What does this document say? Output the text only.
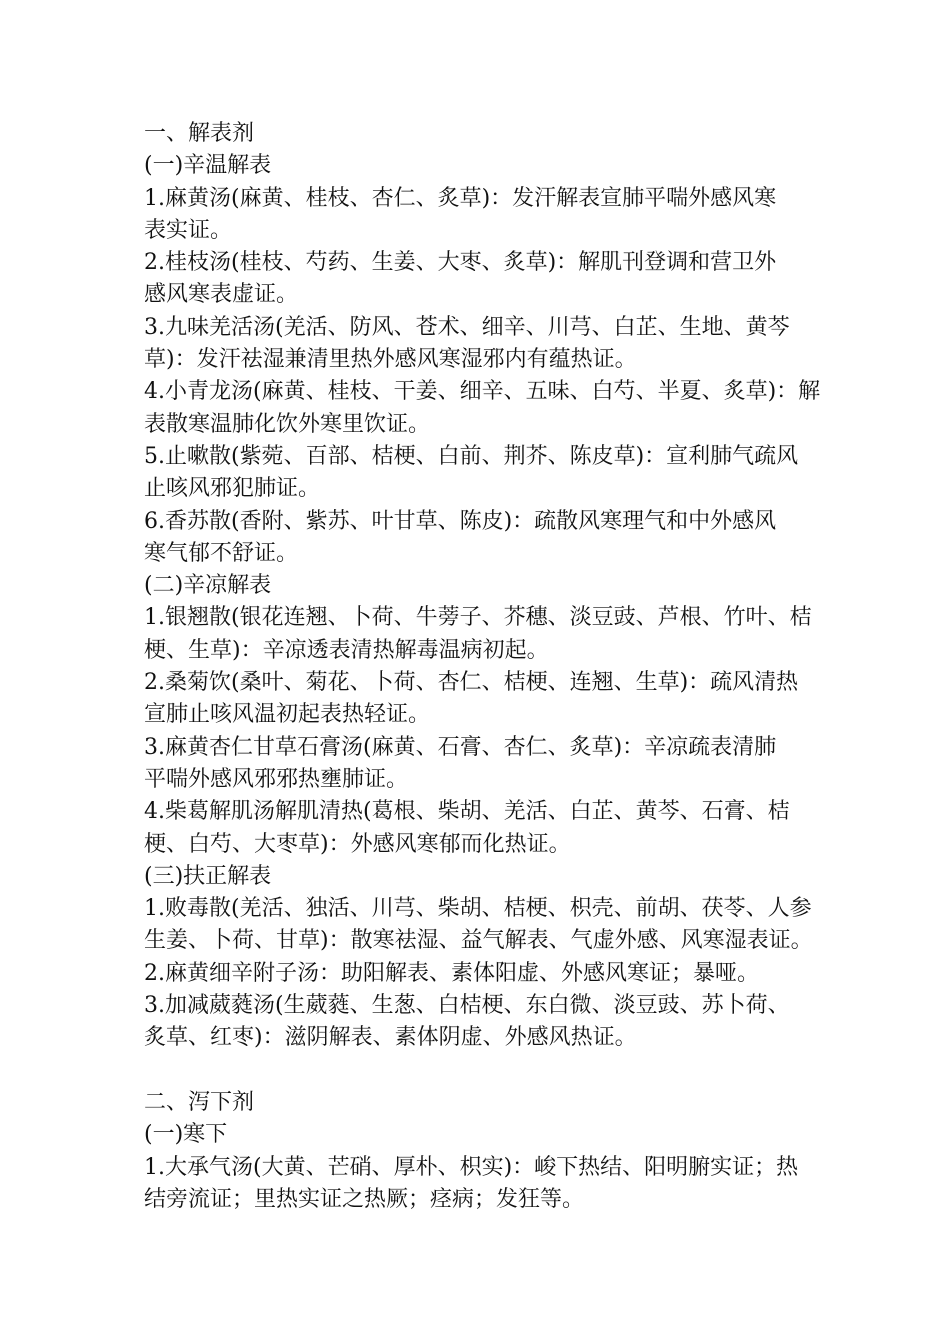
一、解表剂
(一)辛温解表
1.麻黄汤(麻黄、桂枝、杏仁、炙草)：发汗解表宣肺平喘外感风寒
表实证。
2.桂枝汤(桂枝、芍药、生姜、大枣、炙草)：解肌刊登调和营卫外
感风寒表虚证。
3.九味羌活汤(羌活、防风、苍术、细辛、川芎、白芷、生地、黄芩
草)：发汗祛湿兼清里热外感风寒湿邪内有蕴热证。
4.小青龙汤(麻黄、桂枝、干姜、细辛、五味、白芍、半夏、炙草)：解
表散寒温肺化饮外寒里饮证。
5.止嗽散(紫菀、百部、桔梗、白前、荆芥、陈皮草)：宣利肺气疏风
止咳风邪犯肺证。
6.香苏散(香附、紫苏、叶甘草、陈皮)：疏散风寒理气和中外感风
寒气郁不舒证。
(二)辛凉解表
1.银翘散(银花连翘、卜荷、牛蒡子、芥穗、淡豆豉、芦根、竹叶、桔
梗、生草)：辛凉透表清热解毒温病初起。
2.桑菊饮(桑叶、菊花、卜荷、杏仁、桔梗、连翘、生草)：疏风清热
宣肺止咳风温初起表热轻证。
3.麻黄杏仁甘草石膏汤(麻黄、石膏、杏仁、炙草)：辛凉疏表清肺
平喘外感风邪邪热壅肺证。
4.柴葛解肌汤解肌清热(葛根、柴胡、羌活、白芷、黄芩、石膏、桔
梗、白芍、大枣草)：外感风寒郁而化热证。
(三)扶正解表
1.败毒散(羌活、独活、川芎、柴胡、桔梗、枳壳、前胡、茯苓、人参
生姜、卜荷、甘草)：散寒祛湿、益气解表、气虚外感、风寒湿表证。
2.麻黄细辛附子汤：助阳解表、素体阳虚、外感风寒证；暴哑。
3.加减葳蕤汤(生葳蕤、生葱、白桔梗、东白微、淡豆豉、苏卜荷、
炙草、红枣)：滋阴解表、素体阴虚、外感风热证。
二、泻下剂
(一)寒下
1.大承气汤(大黄、芒硝、厚朴、枳实)：峻下热结、阳明腑实证；热
结旁流证；里热实证之热厥；痉病；发狂等。
